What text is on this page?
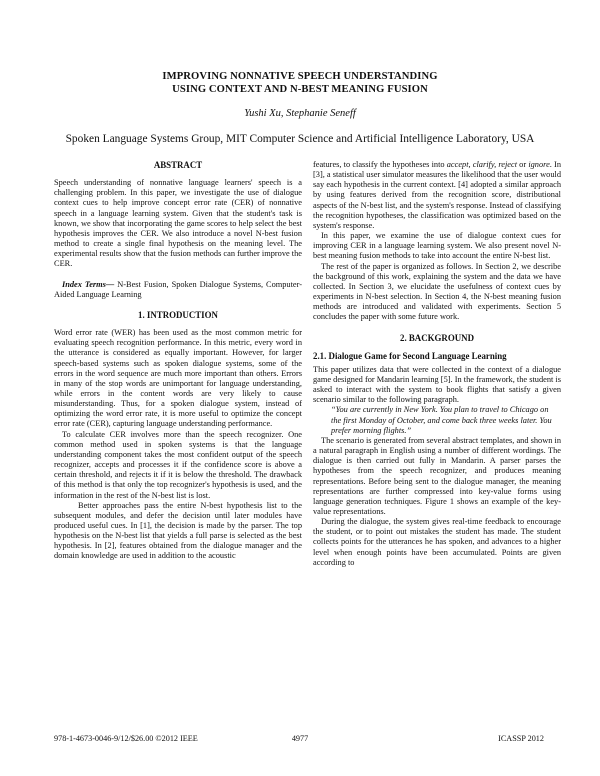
IMPROVING NONNATIVE SPEECH UNDERSTANDING
USING CONTEXT AND N-BEST MEANING FUSION
Yushi Xu, Stephanie Seneff
Spoken Language Systems Group, MIT Computer Science and Artificial Intelligence Laboratory, USA
ABSTRACT

Speech understanding of nonnative language learners' speech is a challenging problem. In this paper, we investigate the use of dialogue context cues to help improve concept error rate (CER) of nonnative speech in a language learning system. Given that the student's task is known, we show that incorporating the game scores to help select the best hypothesis improves the CER. We also introduce a novel N-best fusion method to create a single final hypothesis on the meaning level. The experimental results show that the fusion methods can further improve the CER.

Index Terms— N-Best Fusion, Spoken Dialogue Systems, Computer-Aided Language Learning

1. INTRODUCTION

Word error rate (WER) has been used as the most common metric for evaluating speech recognition performance. In this metric, every word in the utterance is considered as equally important. However, for larger speech-based systems such as spoken dialogue systems, some of the errors in the word sequence are much more important than others. Errors in many of the stop words are unimportant for language understanding, while errors in the content words are very likely to cause misunderstanding. Thus, for a spoken dialogue system, instead of optimizing the word error rate, it is more useful to optimize the concept error rate (CER), capturing language understanding performance.

To calculate CER involves more than the speech recognizer. One common method used in spoken systems is that the language understanding component takes the most confident output of the speech recognizer, accepts and processes it if the confidence score is above a certain threshold, and rejects it if it is below the threshold. The drawback of this method is that only the top recognizer's hypothesis is used, and the information in the rest of the N-best list is lost.

Better approaches pass the entire N-best hypothesis list to the subsequent modules, and defer the decision until later modules have produced useful cues. In [1], the decision is made by the parser. The top hypothesis on the N-best list that yields a full parse is selected as the best hypothesis. In [2], features obtained from the dialogue manager and the domain knowledge are used in addition to the acoustic

features, to classify the hypotheses into accept, clarify, reject or ignore. In [3], a statistical user simulator measures the likelihood that the user would say each hypothesis in the current context. [4] adopted a similar approach by using features derived from the recognition score, distributional aspects of the N-best list, and the system's response. Instead of classifying the recognition hypotheses, the classification was optimized based on the system's response.

In this paper, we examine the use of dialogue context cues for improving CER in a language learning system. We also present novel N-best meaning fusion methods to take into account the entire N-best list.

The rest of the paper is organized as follows. In Section 2, we describe the background of this work, explaining the system and the data we have collected. In Section 3, we elucidate the usefulness of context cues by experiments in N-best selection. In Section 4, the N-best meaning fusion methods are introduced and validated with experiments. Section 5 concludes the paper with some future work.

2. BACKGROUND
2.1. Dialogue Game for Second Language Learning

This paper utilizes data that were collected in the context of a dialogue game designed for Mandarin learning [5]. In the framework, the student is asked to interact with the system to book flights that satisfy a given scenario similar to the following paragraph.

“You are currently in New York. You plan to travel to Chicago on the first Monday of October, and come back three weeks later. You prefer morning flights.”

The scenario is generated from several abstract templates, and shown in a natural paragraph in English using a number of different wordings. The dialogue is then carried out fully in Mandarin. A parser parses the hypotheses from the speech recognizer, and produces meaning representations. Before being sent to the dialogue manager, the meaning representations are further compressed into key-value forms using language generation techniques. Figure 1 shows an example of the key-value representations.

During the dialogue, the system gives real-time feedback to encourage the student, or to point out mistakes the student has made. The student collects points for the utterances he has spoken, and advances to a higher level when enough points have been accumulated. Points are given according to

978-1-4673-0046-9/12/$26.00 ©2012 IEEE	4977	ICASSP 2012
